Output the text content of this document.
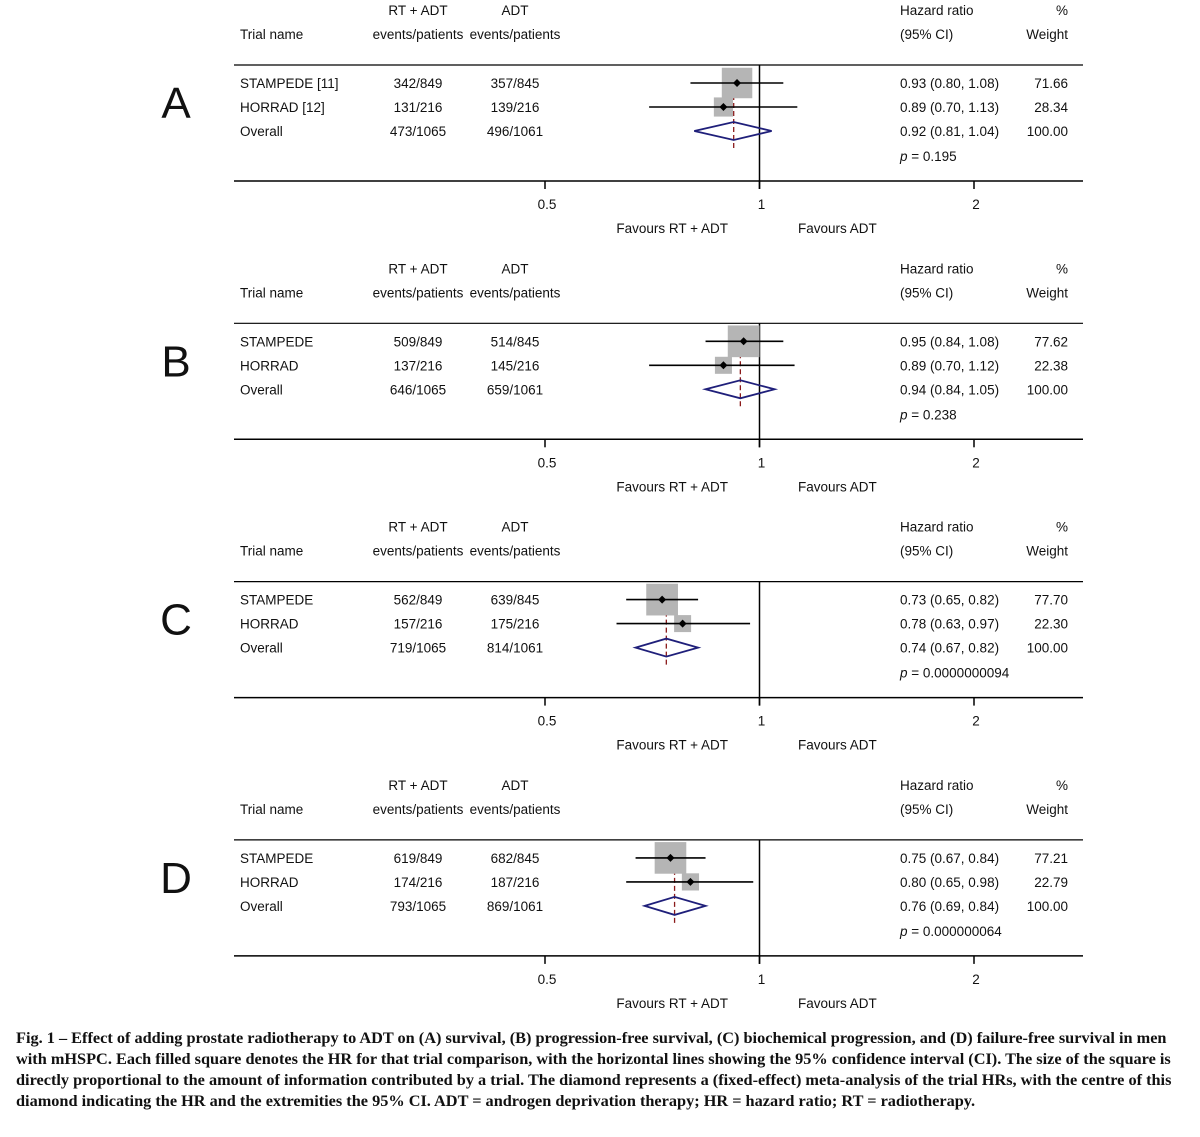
A
Trial name
RT + ADT
events/patients
ADT
events/patients
Hazard ratio
(95% CI)
%
Weight
0.5	1	2
Favours RT + ADT	Favours ADT
STAMPEDE [11]	342/849	357/845	0.93 (0.80, 1.08)	71.66
HORRAD [12]	131/216	139/216	0.89 (0.70, 1.13)	28.34
Overall	473/1065	496/1061	0.92 (0.81, 1.04) 100.00
p = 0.195
B
Trial name
RT + ADT
events/patients
ADT
events/patients
Hazard ratio
(95% CI)
%
Weight
0.5	1	2
Favours RT + ADT	Favours ADT
STAMPEDE	509/849	514/845	0.95 (0.84, 1.08)	77.62
HORRAD	137/216	145/216	0.89 (0.70, 1.12)	22.38
Overall	646/1065	659/1061	0.94 (0.84, 1.05) 100.00
p = 0.238
C
Trial name
RT + ADT
events/patients
ADT
events/patients
Hazard ratio
(95% CI)
%
Weight
0.5	1	2
Favours RT + ADT	Favours ADT
STAMPEDE	562/849	639/845	0.73 (0.65, 0.82)	77.70
HORRAD	157/216	175/216	0.78 (0.63, 0.97)	22.30
Overall	719/1065	814/1061	0.74 (0.67, 0.82) 100.00
p = 0.0000000094
D
Trial name
RT + ADT
events/patients
ADT
events/patients
Hazard ratio
(95% CI)
%
Weight
0.5	1	2
Favours RT + ADT	Favours ADT
STAMPEDE	619/849	682/845	0.75 (0.67, 0.84)	77.21
HORRAD	174/216	187/216	0.80 (0.65, 0.98)	22.79
Overall	793/1065	869/1061	0.76 (0.69, 0.84) 100.00
p = 0.000000064

Fig. 1 – Effect of adding prostate radiotherapy to ADT on (A) survival, (B) progression-free survival, (C) biochemical progression, and (D) failure-free survival in men with mHSPC. Each filled square denotes the HR for that trial comparison, with the horizontal lines showing the 95% confidence interval (CI). The size of the square is directly proportional to the amount of information contributed by a trial. The diamond represents a (fixed-effect) meta-analysis of the trial HRs, with the centre of this diamond indicating the HR and the extremities the 95% CI. ADT = androgen deprivation therapy; HR = hazard ratio; RT = radiotherapy.
